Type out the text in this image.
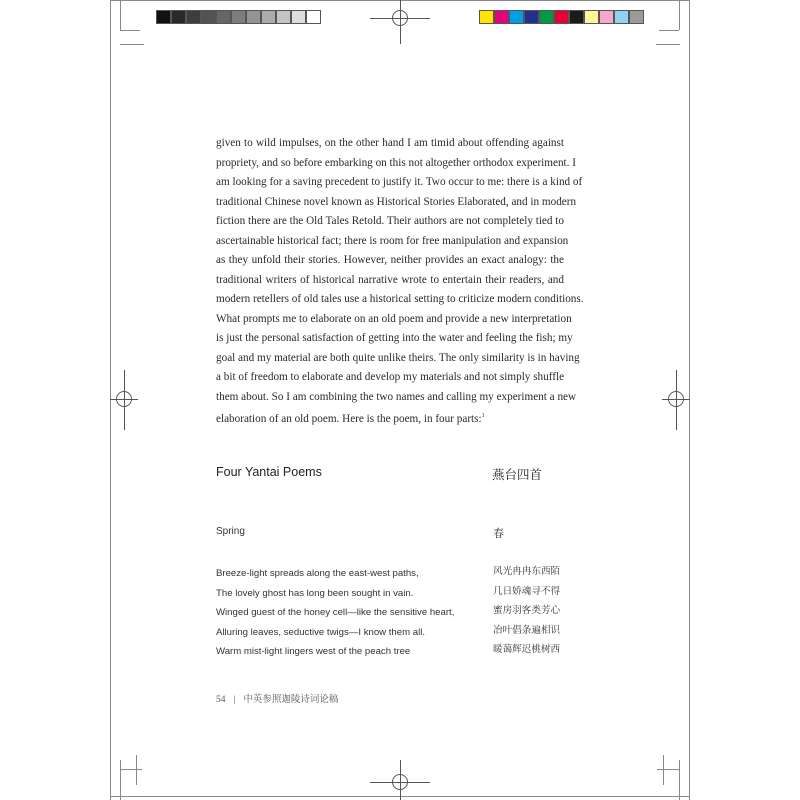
given to wild impulses, on the other hand I am timid about offending against
propriety, and so before embarking on this not altogether orthodox experiment. I
am looking for a saving precedent to justify it. Two occur to me: there is a kind of
traditional Chinese novel known as Historical Stories Elaborated, and in modern
fiction there are the Old Tales Retold. Their authors are not completely tied to
ascertainable historical fact; there is room for free manipulation and expansion
as they unfold their stories. However, neither provides an exact analogy: the
traditional writers of historical narrative wrote to entertain their readers, and
modern retellers of old tales use a historical setting to criticize modern conditions.
What prompts me to elaborate on an old poem and provide a new interpretation
is just the personal satisfaction of getting into the water and feeling the fish; my
goal and my material are both quite unlike theirs. The only similarity is in having
a bit of freedom to elaborate and develop my materials and not simply shuffle
them about. So I am combining the two names and calling my experiment a new
elaboration of an old poem. Here is the poem, in four parts:$^1$
Four Yantai Poems	燕台四首
Spring	春
Breeze-light spreads along the east-west paths,	风光冉冉东西陌
The lovely ghost has long been sought in vain.	几日娇魂寻不得
Winged guest of the honey cell—like the sensitive heart,	蜜房羽客类芳心
Alluring leaves, seductive twigs—I know them all.	冶叶倡条遍相识
Warm mist-light lingers west of the peach tree	暖蔼辉迟桃树西
54 | 中英参照迦陵诗词论稿
